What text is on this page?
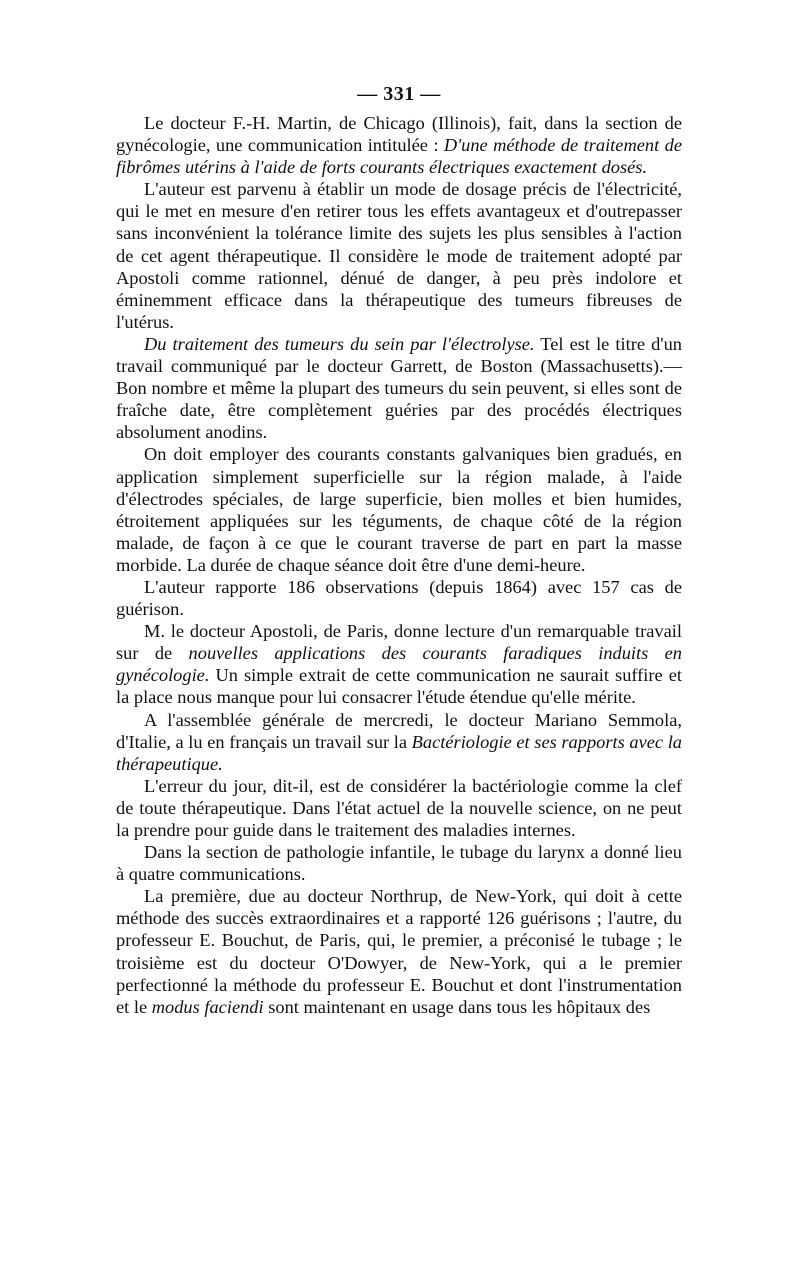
— 331 —

Le docteur F.-H. Martin, de Chicago (Illinois), fait, dans la section de gynécologie, une communication intitulée : D'une méthode de traitement de fibrômes utérins à l'aide de forts courants électriques exactement dosés.

L'auteur est parvenu à établir un mode de dosage précis de l'électricité, qui le met en mesure d'en retirer tous les effets avantageux et d'outrepasser sans inconvénient la tolérance limite des sujets les plus sensibles à l'action de cet agent thérapeutique. Il considère le mode de traitement adopté par Apostoli comme rationnel, dénué de danger, à peu près indolore et éminemment efficace dans la thérapeutique des tumeurs fibreuses de l'utérus.

Du traitement des tumeurs du sein par l'électrolyse. Tel est le titre d'un travail communiqué par le docteur Garrett, de Boston (Massachusetts).— Bon nombre et même la plupart des tumeurs du sein peuvent, si elles sont de fraîche date, être complètement guéries par des procédés électriques absolument anodins.

On doit employer des courants constants galvaniques bien gradués, en application simplement superficielle sur la région malade, à l'aide d'électrodes spéciales, de large superficie, bien molles et bien humides, étroitement appliquées sur les téguments, de chaque côté de la région malade, de façon à ce que le courant traverse de part en part la masse morbide. La durée de chaque séance doit être d'une demi-heure.

L'auteur rapporte 186 observations (depuis 1864) avec 157 cas de guérison.

M. le docteur Apostoli, de Paris, donne lecture d'un remarquable travail sur de nouvelles applications des courants faradiques induits en gynécologie. Un simple extrait de cette communication ne saurait suffire et la place nous manque pour lui consacrer l'étude étendue qu'elle mérite.

A l'assemblée générale de mercredi, le docteur Mariano Semmola, d'Italie, a lu en français un travail sur la Bactériologie et ses rapports avec la thérapeutique.

L'erreur du jour, dit-il, est de considérer la bactériologie comme la clef de toute thérapeutique. Dans l'état actuel de la nouvelle science, on ne peut la prendre pour guide dans le traitement des maladies internes.

Dans la section de pathologie infantile, le tubage du larynx a donné lieu à quatre communications.

La première, due au docteur Northrup, de New-York, qui doit à cette méthode des succès extraordinaires et a rapporté 126 guérisons ; l'autre, du professeur E. Bouchut, de Paris, qui, le premier, a préconisé le tubage ; le troisième est du docteur O'Dowyer, de New-York, qui a le premier perfectionné la méthode du professeur E. Bouchut et dont l'instrumentation et le modus faciendi sont maintenant en usage dans tous les hôpitaux des
